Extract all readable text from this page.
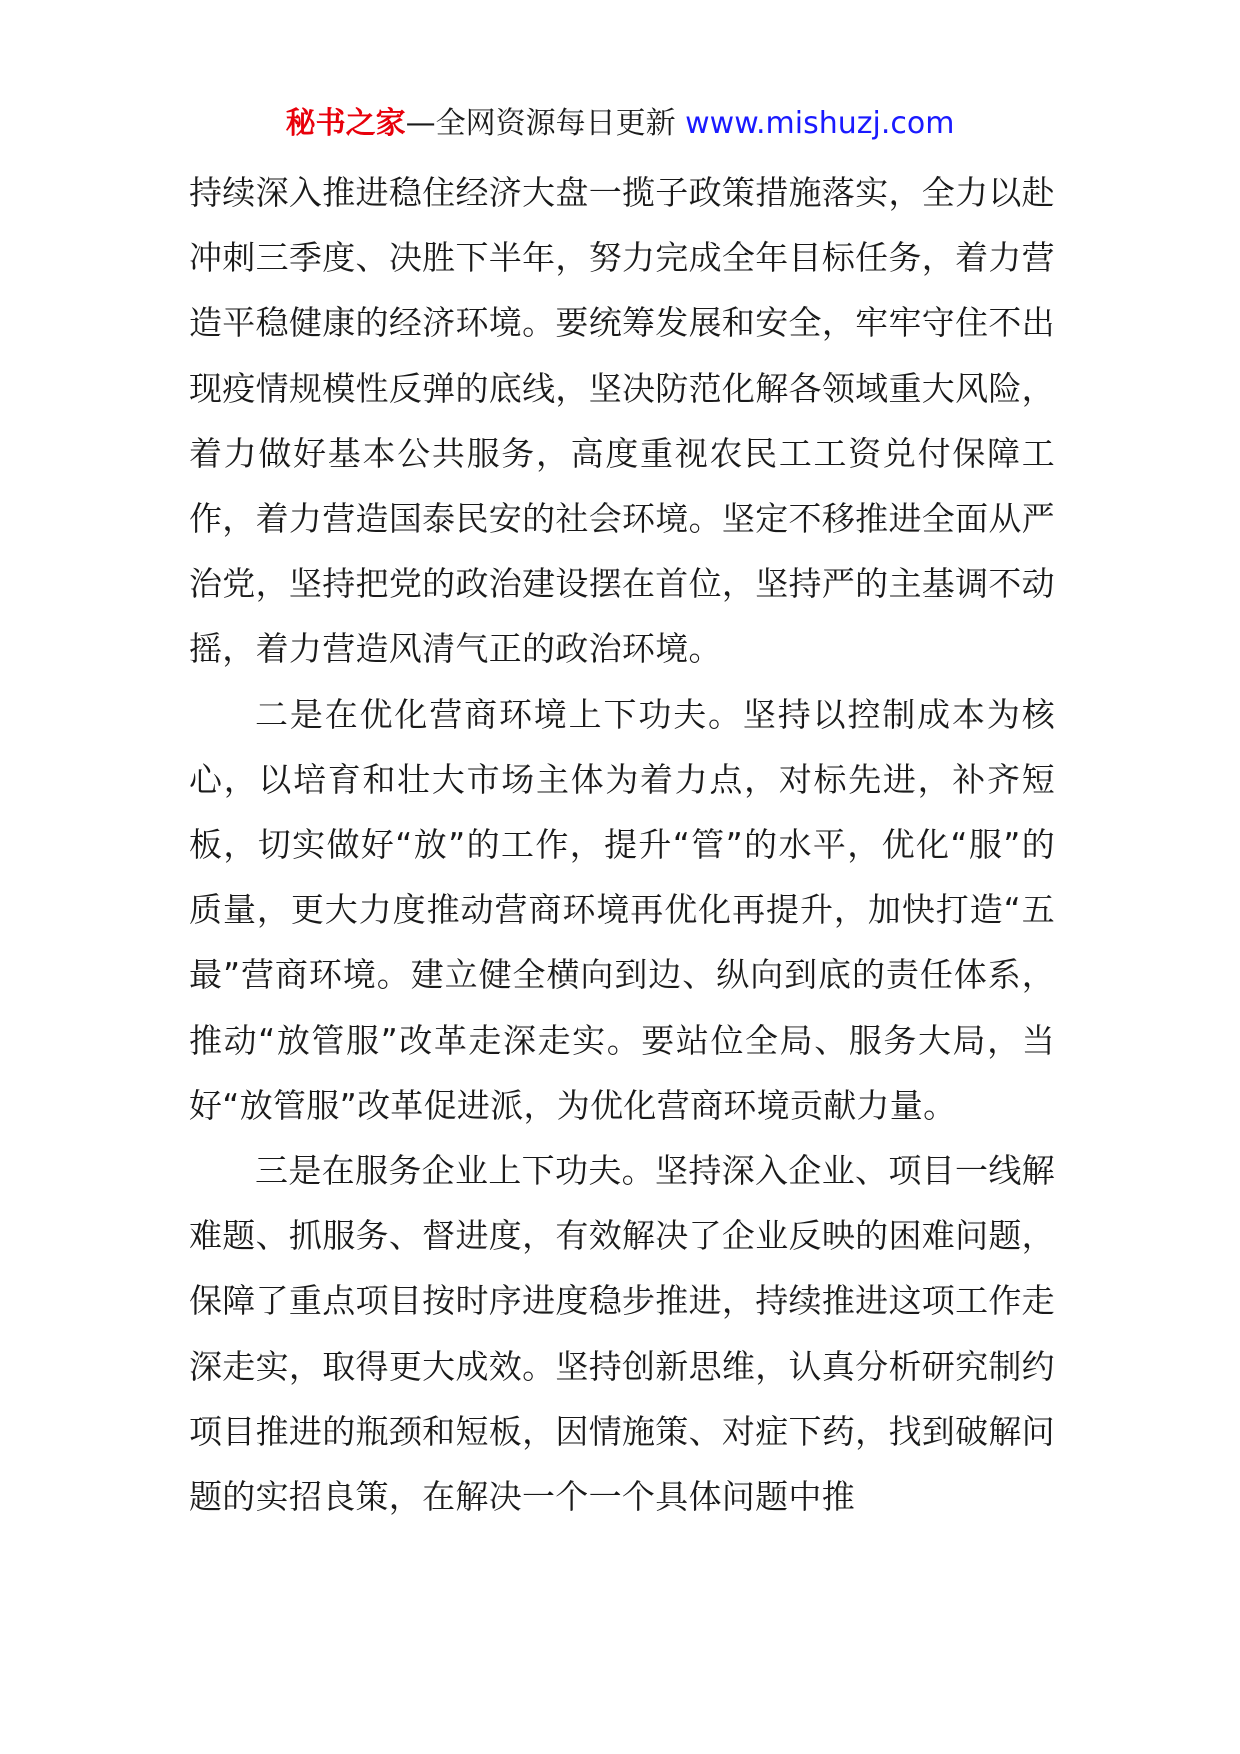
秘书之家—全网资源每日更新 www.mishuzj.com

持续深入推进稳住经济大盘一揽子政策措施落实，全力以赴冲刺三季度、决胜下半年，努力完成全年目标任务，着力营造平稳健康的经济环境。要统筹发展和安全，牢牢守住不出现疫情规模性反弹的底线，坚决防范化解各领域重大风险，着力做好基本公共服务，高度重视农民工工资兑付保障工作，着力营造国泰民安的社会环境。坚定不移推进全面从严治党，坚持把党的政治建设摆在首位，坚持严的主基调不动摇，着力营造风清气正的政治环境。

二是在优化营商环境上下功夫。坚持以控制成本为核心，以培育和壮大市场主体为着力点，对标先进，补齐短板，切实做好“放”的工作，提升“管”的水平，优化“服”的质量，更大力度推动营商环境再优化再提升，加快打造“五最”营商环境。建立健全横向到边、纵向到底的责任体系，推动“放管服”改革走深走实。要站位全局、服务大局，当好“放管服”改革促进派，为优化营商环境贡献力量。

三是在服务企业上下功夫。坚持深入企业、项目一线解难题、抓服务、督进度，有效解决了企业反映的困难问题，保障了重点项目按时序进度稳步推进，持续推进这项工作走深走实，取得更大成效。坚持创新思维，认真分析研究制约项目推进的瓶颈和短板，因情施策、对症下药，找到破解问题的实招良策，在解决一个一个具体问题中推
